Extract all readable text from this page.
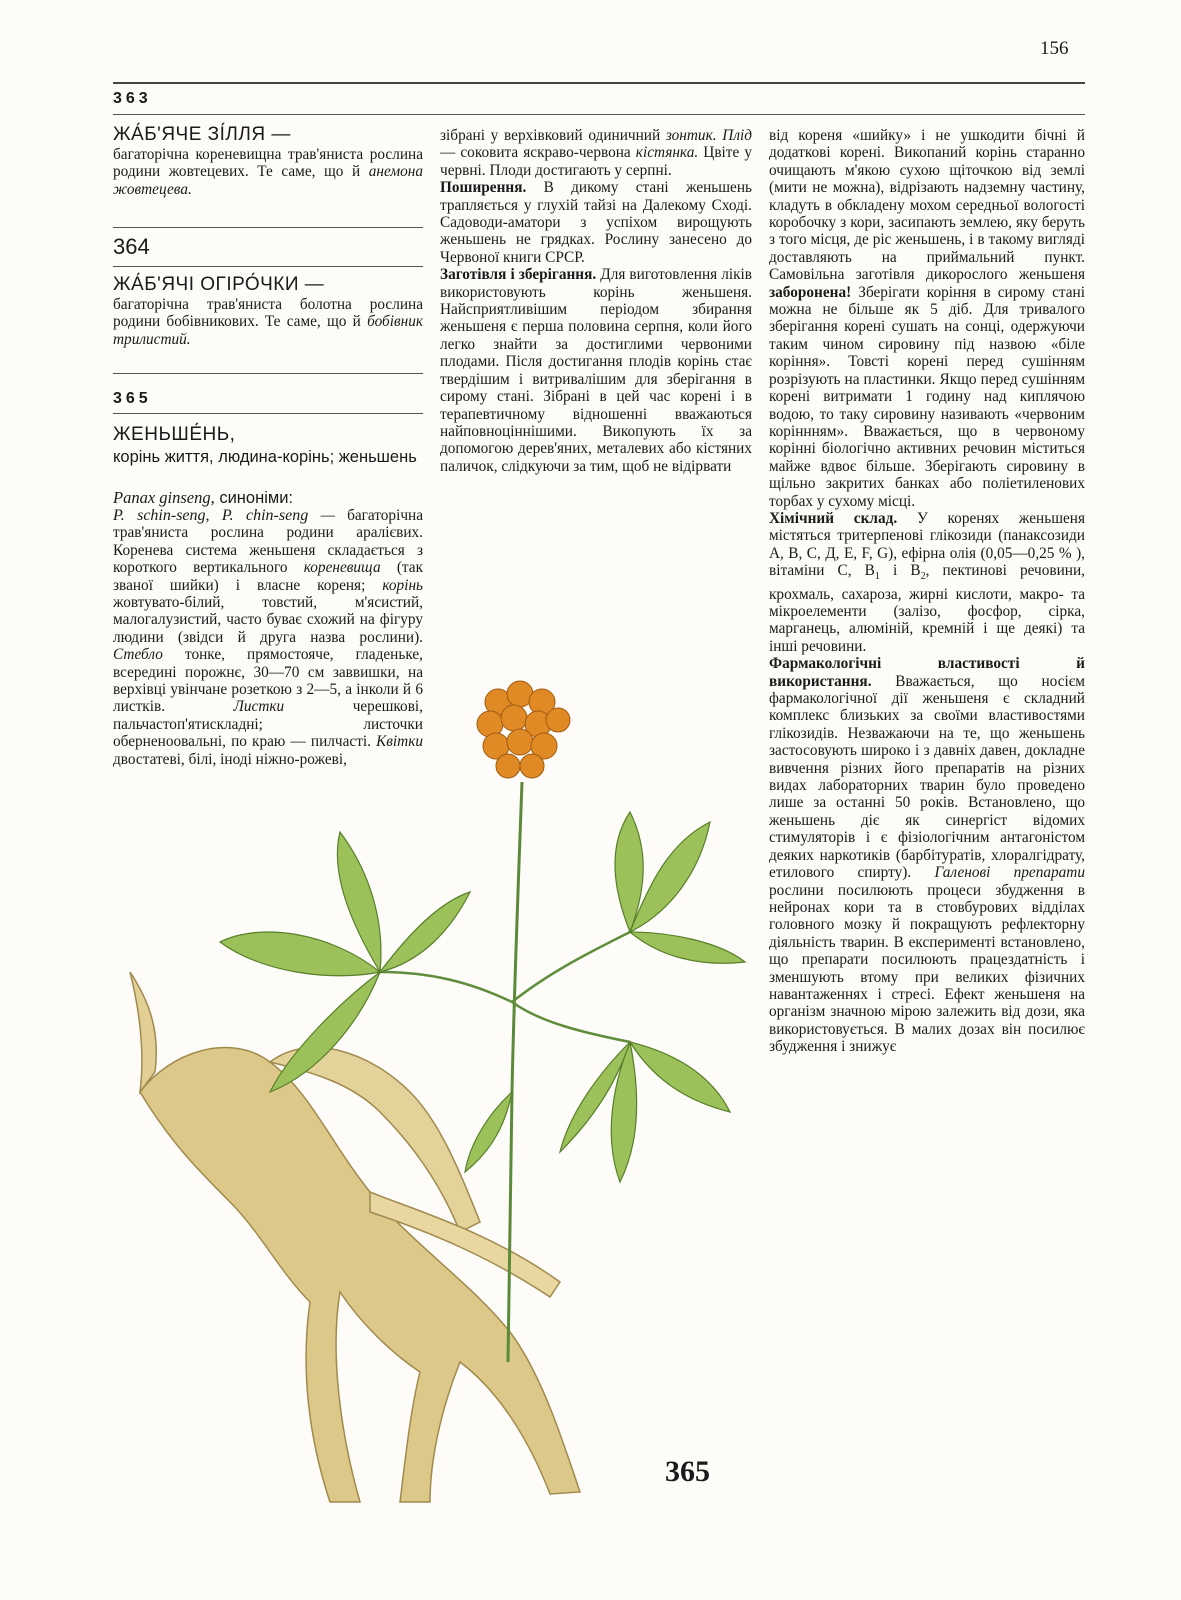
156
363
ЖА́Б'ЯЧЕ ЗІ́ЛЛЯ —
багаторічна кореневищна трав'яниста рослина родини жовтецевих. Те саме, що й анемона жовтецева.
364
ЖА́Б'ЯЧІ ОГІРО́ЧКИ —
багаторічна трав'яниста болотна рослина родини бобівникових. Те саме, що й бобівник трилистий.
365
ЖЕНЬШЕ́НЬ,
корінь життя, людина-корінь; женьшень
Panax ginseng, синоніми:
P. schin-seng, P. chin-seng — багаторічна трав'яниста рослина родини аралієвих. Коренева система женьшеня складається з короткого вертикального кореневища (так званої шийки) і власне кореня; корінь жовтувато-білий, товстий, м'ясистий, малогалузистий, часто буває схожий на фігуру людини (звідси й друга назва рослини). Стебло тонке, прямостояче, гладеньке, всередині порожнє, 30—70 см заввишки, на верхівці увінчане розеткою з 2—5, а інколи й 6 листків. Листки черешкові, пальчастоп'ятискладні; листочки оберненоовальні, по краю — пилчасті. Квітки двостатеві, білі, іноді ніжно-рожеві,

зібрані у верхівковий одиничний зонтик. Плід — соковита яскраво-червона кістянка. Цвіте у червні. Плоди достигають у серпні.

Поширення. В дикому стані женьшень трапляється у глухій тайзі на Далекому Сході. Садоводи-аматори з успіхом вирощують женьшень не грядках. Рослину занесено до Червоної книги СРСР.

Заготівля і зберігання. Для виготовлення ліків використовують корінь женьшеня. Найсприятливішим періодом збирання женьшеня є перша половина серпня, коли його легко знайти за достиглими червоними плодами. Після достигання плодів корінь стає твердішим і витривалішим для зберігання в сирому стані. Зібрані в цей час корені і в терапевтичному відношенні вважаються найповноціннішими. Викопують їх за допомогою дерев'яних, металевих або кістяних паличок, слідкуючи за тим, щоб не відірвати

від кореня «шийку» і не ушкодити бічні й додаткові корені. Викопаний корінь старанно очищають м'якою сухою щіточкою від землі (мити не можна), відрізають надземну частину, кладуть в обкладену мохом середньої вологості коробочку з кори, засипають землею, яку беруть з того місця, де ріс женьшень, і в такому вигляді доставляють на приймальний пункт. Самовільна заготівля дикорослого женьшеня заборонена! Зберігати коріння в сирому стані можна не більше як 5 діб. Для тривалого зберігання корені сушать на сонці, одержуючи таким чином сировину під назвою «біле коріння». Товсті корені перед сушінням розрізують на пластинки. Якщо перед сушінням корені витримати 1 годину над киплячою водою, то таку сировину називають «червоним коріннням». Вважається, що в червоному корінні біологічно активних речовин міститься майже вдвоє більше. Зберігають сировину в щільно закритих банках або поліетиленових торбах у сухому місці.

Хімічний склад. У коренях женьшеня містяться тритерпенові глікозиди (панаксозиди А, В, С, Д, Е, F, G), ефірна олія (0,05—0,25 % ), вітаміни С, $В_1$ і $В_2$, пектинові речовини, крохмаль, сахароза, жирні кислоти, макро- та мікроелементи (залізо, фосфор, сірка, марганець, алюміній, кремній і ще деякі) та інші речовини.

Фармакологічні властивості й використання. Вважається, що носієм фармакологічної дії женьшеня є складний комплекс близьких за своїми властивостями глікозидів. Незважаючи на те, що женьшень застосовують широко і з давніх давен, докладне вивчення різних його препаратів на різних видах лабораторних тварин було проведено лише за останні 50 років. Встановлено, що женьшень діє як синергіст відомих стимуляторів і є фізіологічним антагоністом деяких наркотиків (барбітуратів, хлоралгідрату, етилового спирту). Галенові препарати рослини посилюють процеси збудження в нейронах кори та в стовбурових відділах головного мозку й покращують рефлекторну діяльність тварин. В експерименті встановлено, що препарати посилюють працездатність і зменшують втому при великих фізичних навантаженнях і стресі. Ефект женьшеня на організм значною мірою залежить від дози, яка використовується. В малих дозах він посилює збудження і знижує

365
